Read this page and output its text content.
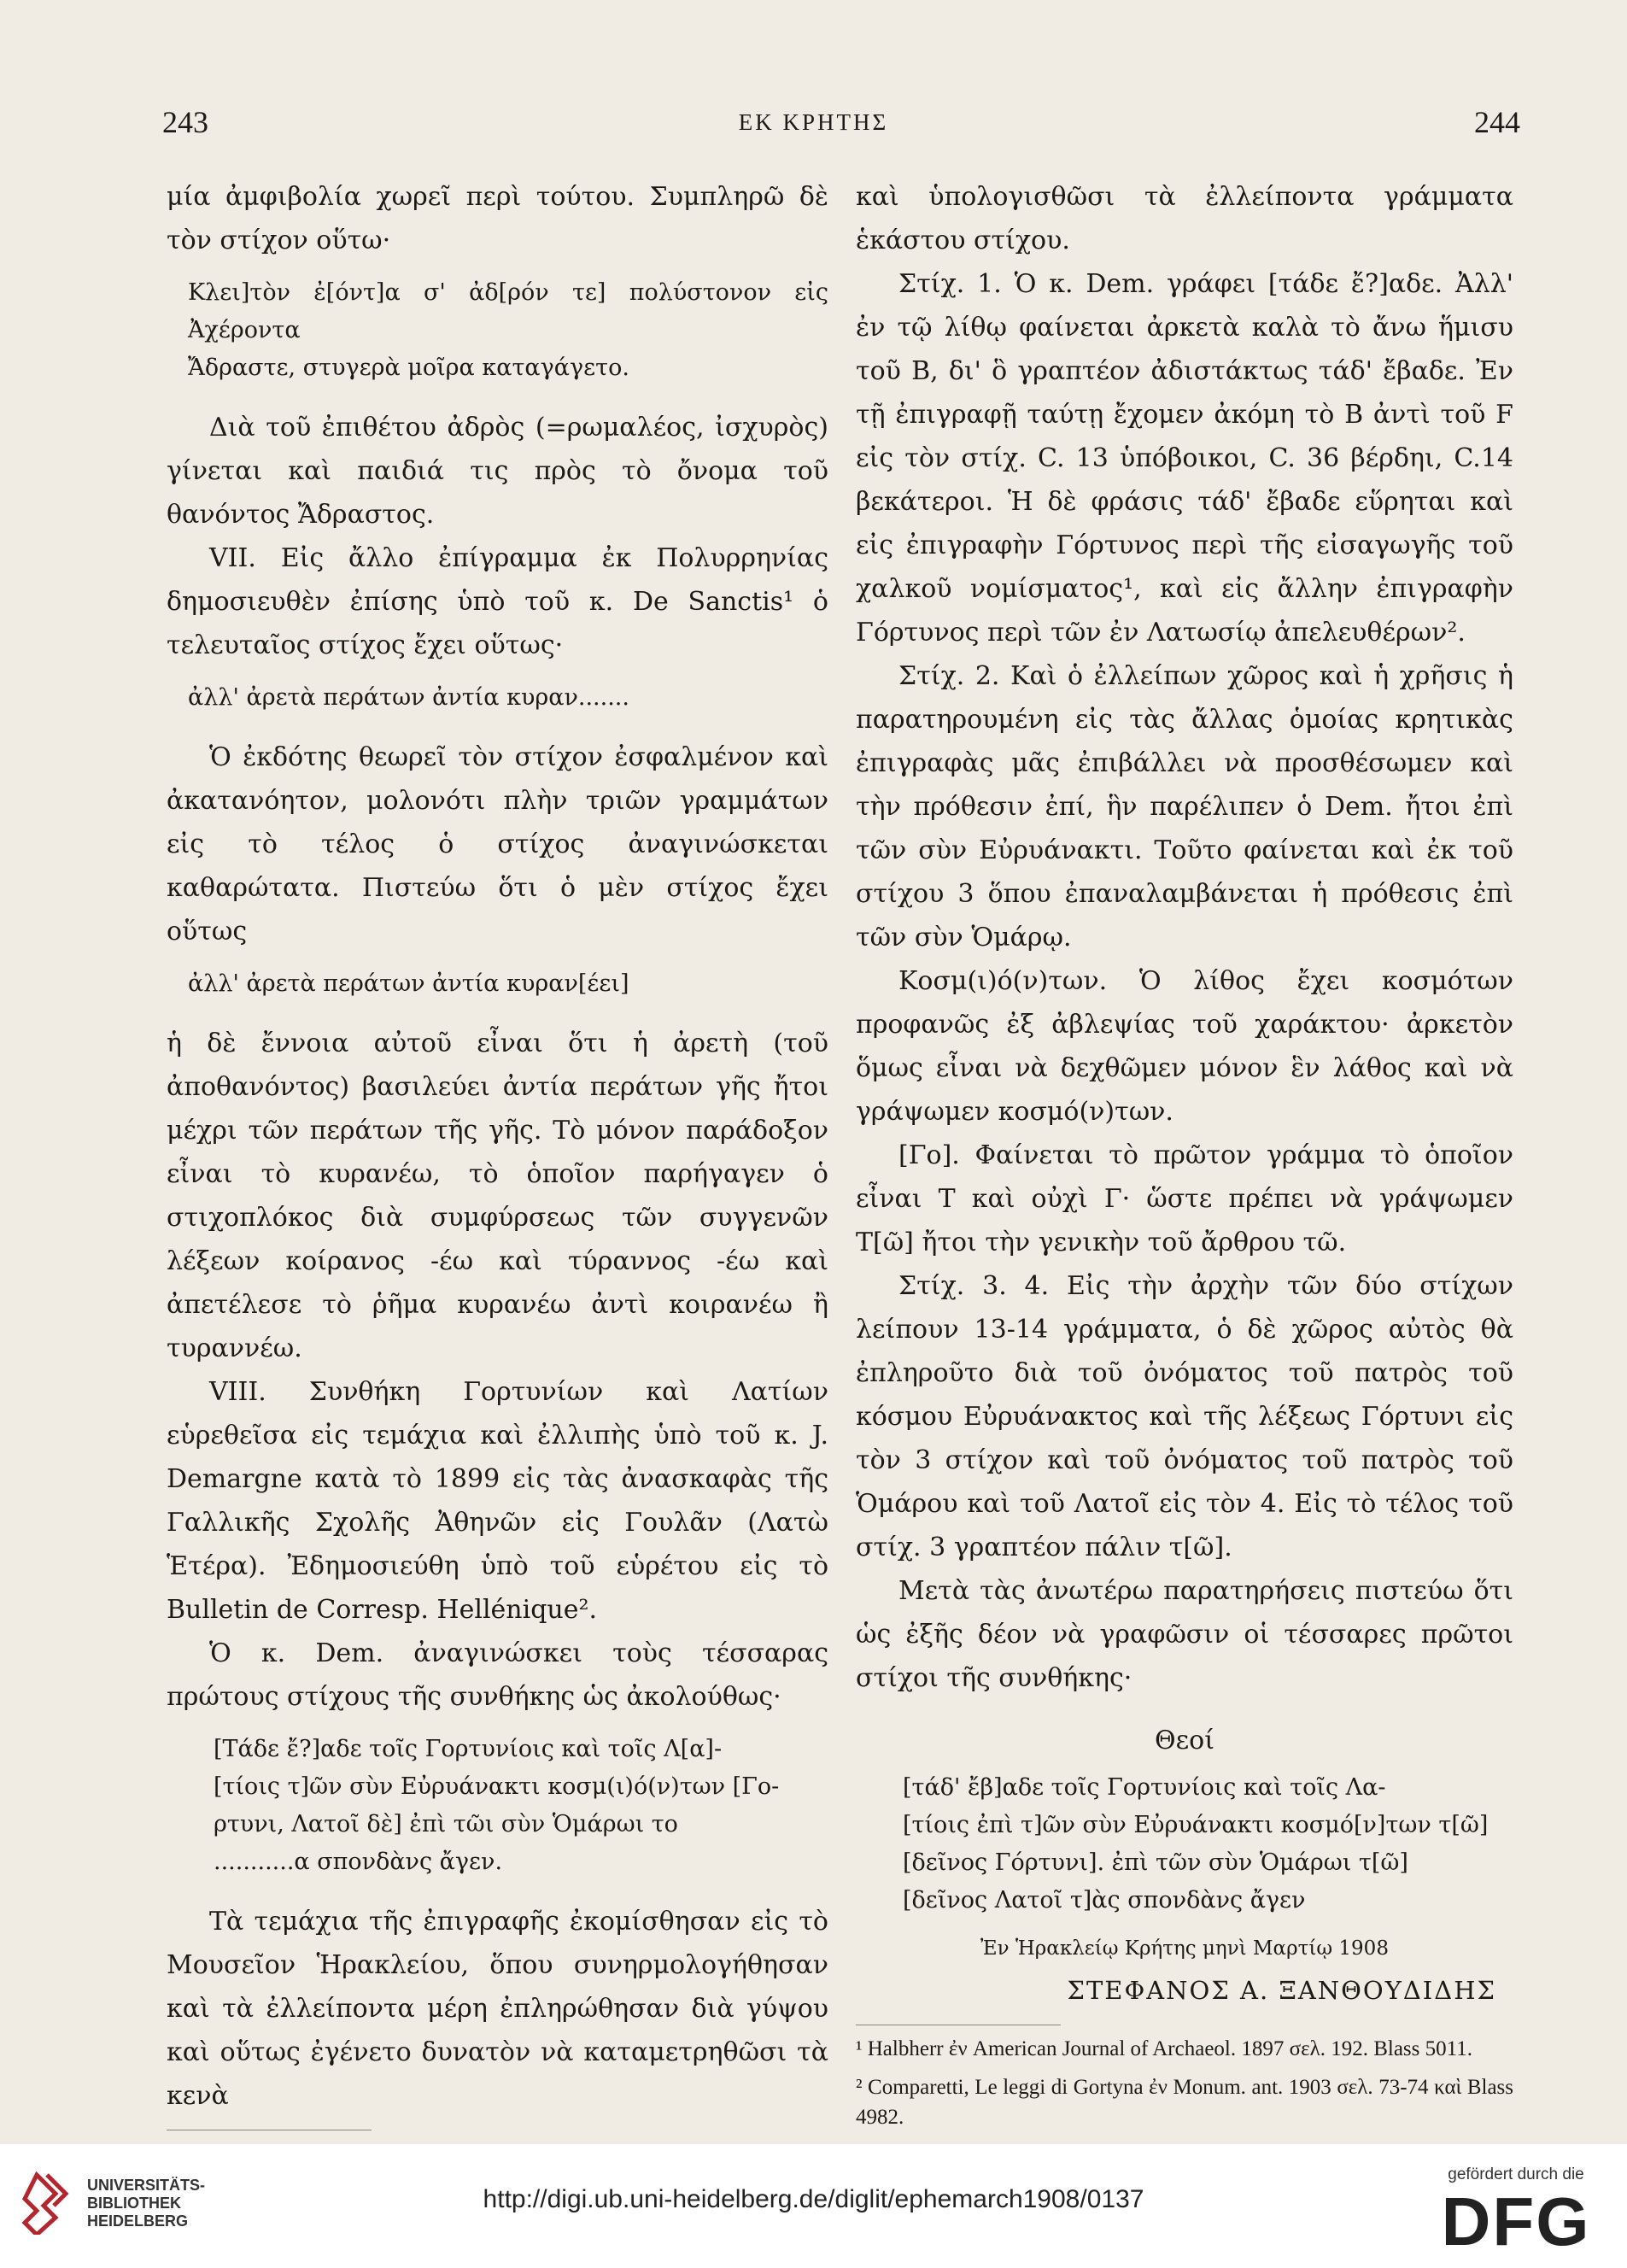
243	ΕΚ ΚΡΗΤΗΣ	244

μία ἀμφιβολία χωρεῖ περὶ τούτου. Συμπληρῶ δὲ τὸν στίχον οὕτω·

Κλει]τὸν ἐ[όντ]α σ' ἀδ[ρόν τε] πολύστονον εἰς Ἀχέροντα
Ἄδραστε, στυγερὰ μοῖρα καταγάγετο.

Διὰ τοῦ ἐπιθέτου ἀδρὸς (=ρωμαλέος, ἰσχυρὸς) γίνεται καὶ παιδιά τις πρὸς τὸ ὄνομα τοῦ θανόντος Ἄδραστος.

VII. Εἰς ἄλλο ἐπίγραμμα ἐκ Πολυρρηνίας δημοσιευθὲν ἐπίσης ὑπὸ τοῦ κ. De Sanctis¹ ὁ τελευταῖος στίχος ἔχει οὕτως·

ἀλλ' ἀρετὰ περάτων ἀντία κυραν.......

Ὁ ἐκδότης θεωρεῖ τὸν στίχον ἐσφαλμένον καὶ ἀκατανόητον, μολονότι πλὴν τριῶν γραμμάτων εἰς τὸ τέλος ὁ στίχος ἀναγινώσκεται καθαρώτατα. Πιστεύω ὅτι ὁ μὲν στίχος ἔχει οὕτως

ἀλλ' ἀρετὰ περάτων ἀντία κυραν[έει]

ἡ δὲ ἔννοια αὐτοῦ εἶναι ὅτι ἡ ἀρετὴ (τοῦ ἀποθανόντος) βασιλεύει ἀντία περάτων γῆς ἤτοι μέχρι τῶν περάτων τῆς γῆς. Τὸ μόνον παράδοξον εἶναι τὸ κυρανέω, τὸ ὁποῖον παρήγαγεν ὁ στιχοπλόκος διὰ συμφύρσεως τῶν συγγενῶν λέξεων κοίρανος -έω καὶ τύραννος -έω καὶ ἀπετέλεσε τὸ ῥῆμα κυρανέω ἀντὶ κοιρανέω ἢ τυραννέω.

VIII. Συνθήκη Γορτυνίων καὶ Λατίων εὑρεθεῖσα εἰς τεμάχια καὶ ἐλλιπὴς ὑπὸ τοῦ κ. J. Demargne κατὰ τὸ 1899 εἰς τὰς ἀνασκαφὰς τῆς Γαλλικῆς Σχολῆς Ἀθηνῶν εἰς Γουλᾶν (Λατὼ Ἑτέρα). Ἐδημοσιεύθη ὑπὸ τοῦ εὑρέτου εἰς τὸ Bulletin de Corresp. Hellénique².

Ὁ κ. Dem. ἀναγινώσκει τοὺς τέσσαρας πρώτους στίχους τῆς συνθήκης ὡς ἀκολούθως·

[Τάδε ἔ?]αδε τοῖς Γορτυνίοις καὶ τοῖς Λ[α]-
[τίοις τ]ῶν σὺν Εὐρυάνακτι κοσμ(ι)ό(ν)των [Γο-
ρτυνι, Λατοῖ δὲ] ἐπὶ τῶι σὺν Ὁμάρωι το
...........α σπονδὰνς ἄγεν.

Τὰ τεμάχια τῆς ἐπιγραφῆς ἐκομίσθησαν εἰς τὸ Μουσεῖον Ἡρακλείου, ὅπου συνηρμολογήθησαν καὶ τὰ ἐλλείποντα μέρη ἐπληρώθησαν διὰ γύψου καὶ οὕτως ἐγένετο δυνατὸν νὰ καταμετρηθῶσι τὰ κενὰ

καὶ ὑπολογισθῶσι τὰ ἐλλείποντα γράμματα ἑκάστου στίχου.

Στίχ. 1. Ὁ κ. Dem. γράφει [τάδε ἔ?]αδε. Ἀλλ' ἐν τῷ λίθῳ φαίνεται ἀρκετὰ καλὰ τὸ ἄνω ἥμισυ τοῦ B, δι' ὃ γραπτέον ἀδιστάκτως τάδ' ἔβαδε. Ἐν τῇ ἐπιγραφῇ ταύτῃ ἔχομεν ἀκόμη τὸ B ἀντὶ τοῦ F εἰς τὸν στίχ. C. 13 ὑπόβοικοι, C. 36 βέρδηι, C.14 βεκάτεροι. Ἡ δὲ φράσις τάδ' ἔβαδε εὕρηται καὶ εἰς ἐπιγραφὴν Γόρτυνος περὶ τῆς εἰσαγωγῆς τοῦ χαλκοῦ νομίσματος¹, καὶ εἰς ἄλλην ἐπιγραφὴν Γόρτυνος περὶ τῶν ἐν Λατωσίῳ ἀπελευθέρων².

Στίχ. 2. Καὶ ὁ ἐλλείπων χῶρος καὶ ἡ χρῆσις ἡ παρατηρουμένη εἰς τὰς ἄλλας ὁμοίας κρητικὰς ἐπιγραφὰς μᾶς ἐπιβάλλει νὰ προσθέσωμεν καὶ τὴν πρόθεσιν ἐπί, ἣν παρέλιπεν ὁ Dem. ἤτοι ἐπὶ τῶν σὺν Εὐρυάνακτι. Τοῦτο φαίνεται καὶ ἐκ τοῦ στίχου 3 ὅπου ἐπαναλαμβάνεται ἡ πρόθεσις ἐπὶ τῶν σὺν Ὁμάρῳ.

Κοσμ(ι)ό(ν)των. Ὁ λίθος ἔχει κοσμότων προφανῶς ἐξ ἀβλεψίας τοῦ χαράκτου· ἀρκετὸν ὅμως εἶναι νὰ δεχθῶμεν μόνον ἓν λάθος καὶ νὰ γράψωμεν κοσμό(ν)των.

[Γο]. Φαίνεται τὸ πρῶτον γράμμα τὸ ὁποῖον εἶναι T καὶ οὐχὶ Γ· ὥστε πρέπει νὰ γράψωμεν T[ῶ] ἤτοι τὴν γενικὴν τοῦ ἄρθρου τῶ.

Στίχ. 3. 4. Εἰς τὴν ἀρχὴν τῶν δύο στίχων λείπουν 13-14 γράμματα, ὁ δὲ χῶρος αὐτὸς θὰ ἐπληροῦτο διὰ τοῦ ὀνόματος τοῦ πατρὸς τοῦ κόσμου Εὐρυάνακτος καὶ τῆς λέξεως Γόρτυνι εἰς τὸν 3 στίχον καὶ τοῦ ὀνόματος τοῦ πατρὸς τοῦ Ὁμάρου καὶ τοῦ Λατοῖ εἰς τὸν 4. Εἰς τὸ τέλος τοῦ στίχ. 3 γραπτέον πάλιν τ[ῶ].

Μετὰ τὰς ἀνωτέρω παρατηρήσεις πιστεύω ὅτι ὡς ἐξῆς δέον νὰ γραφῶσιν οἱ τέσσαρες πρῶτοι στίχοι τῆς συνθήκης·

Θεοί

[τάδ' ἔβ]αδε τοῖς Γορτυνίοις καὶ τοῖς Λα-
[τίοις ἐπὶ τ]ῶν σὺν Εὐρυάνακτι κοσμό[ν]των τ[ῶ]
[δεῖνος Γόρτυνι]. ἐπὶ τῶν σὺν Ὁμάρωι τ[ῶ]
[δεῖνος Λατοῖ τ]ὰς σπονδὰνς ἄγεν

Ἐν Ἡρακλείῳ Κρήτης μηνὶ Μαρτίῳ 1908

ΣΤΕΦΑΝΟΣ Α. ΞΑΝΘΟΥΔΙΔΗΣ

¹ Halbherr ἐν American Journal of Archaeol. 1897 σελ. 192. Blass 5011.

² Comparetti, Le leggi di Gortyna ἐν Monum. ant. 1903 σελ. 73-74 καὶ Blass 4982.

UNIVERSITÄTS-
BIBLIOTHEK
HEIDELBERG
http://digi.ub.uni-heidelberg.de/diglit/ephemarch1908/0137
gefördert durch die
DFG
